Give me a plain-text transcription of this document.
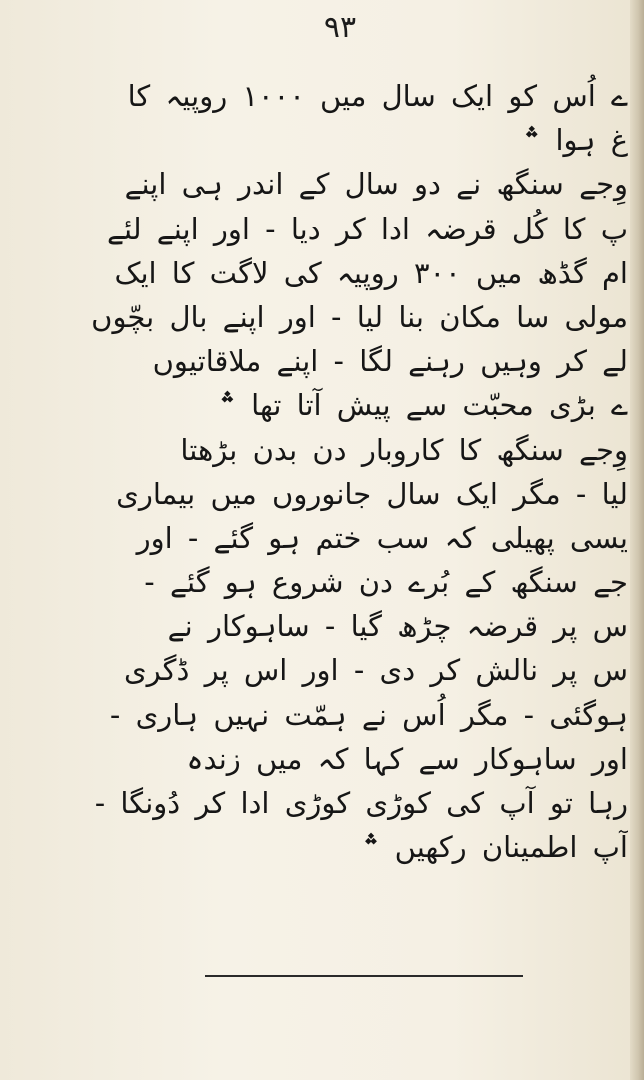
۹۳
ے اُس کو ایک سال میں ۱۰۰۰ روپیہ کا
غ ہوا ؞
وِجے سنگھ نے دو سال کے اندر ہی اپنے
پ کا کُل قرضہ ادا کر دیا - اور اپنے لئے
ام گڈھ میں ۳۰۰ روپیہ کی لاگت کا ایک
مولی سا مکان بنا لیا - اور اپنے بال بچّوں
لے کر وہیں رہنے لگا - اپنے ملاقاتیوں
ے بڑی محبّت سے پیش آتا تھا ؞
وِجے سنگھ کا کاروبار دن بدن بڑھتا
لیا - مگر ایک سال جانوروں میں بیماری
یسی پھیلی کہ سب ختم ہو گئے - اور
جے سنگھ کے بُرے دن شروع ہو گئے -
س پر قرضہ چڑھ گیا - ساہوکار نے
س پر نالش کر دی - اور اس پر ڈگری
ہوگئی - مگر اُس نے ہمّت نہیں ہاری -
اور ساہوکار سے کہا کہ میں زندہ
رہا تو آپ کی کوڑی کوڑی ادا کر دُونگا -
آپ اطمینان رکھیں ؞
